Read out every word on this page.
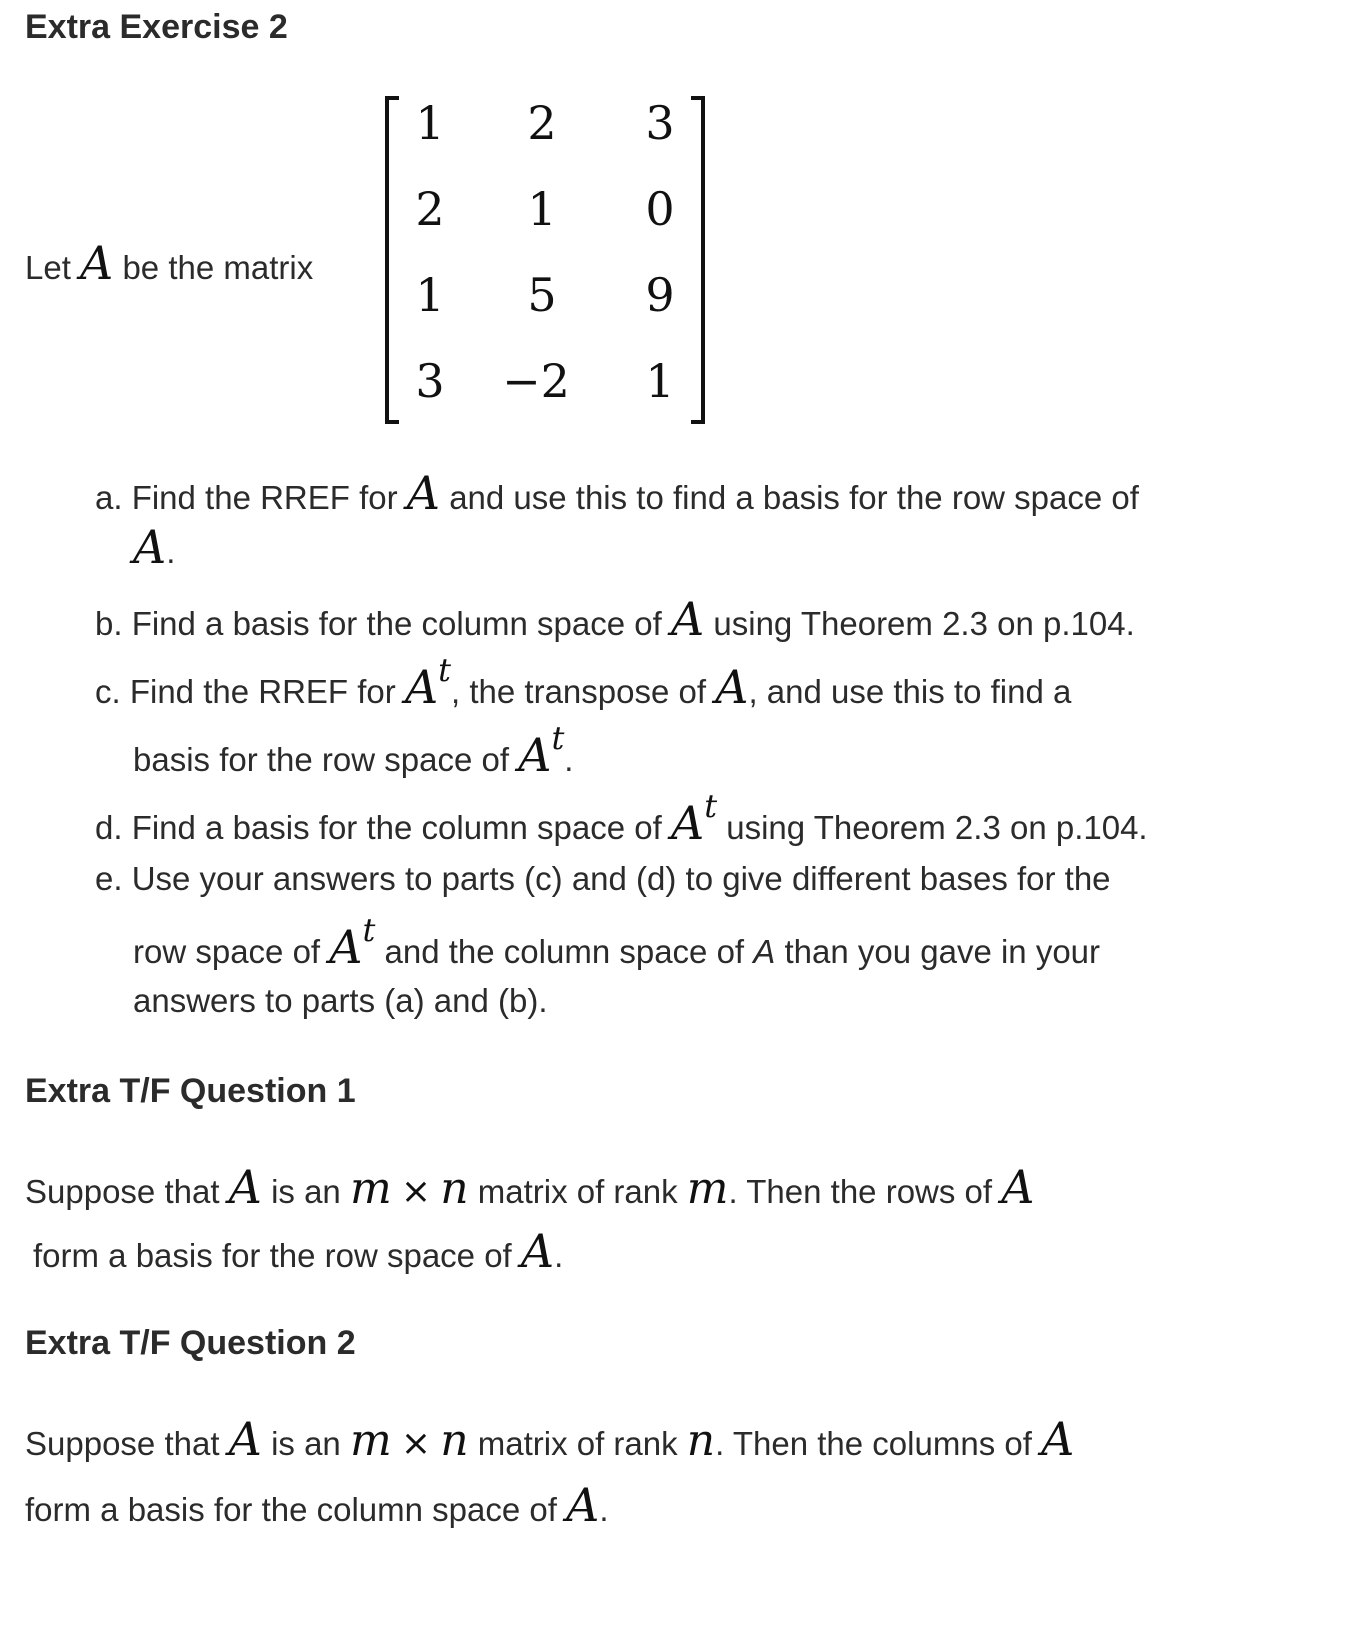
Extra Exercise 2
Let A be the matrix
1	2	3
2	1	0
1	5	9
3	−2	1
a. Find the RREF for A and use this to find a basis for the row space of
A.
b. Find a basis for the column space of A using Theorem 2.3 on p.104.
c. Find the RREF for At, the transpose of A, and use this to find a
basis for the row space of At.
d. Find a basis for the column space of At using Theorem 2.3 on p.104.
e. Use your answers to parts (c) and (d) to give different bases for the
row space of At and the column space of A than you gave in your
answers to parts (a) and (b).
Extra T/F Question 1
Suppose that A is an m × n matrix of rank m. Then the rows of A
form a basis for the row space of A.
Extra T/F Question 2
Suppose that A is an m × n matrix of rank n. Then the columns of A
form a basis for the column space of A.
